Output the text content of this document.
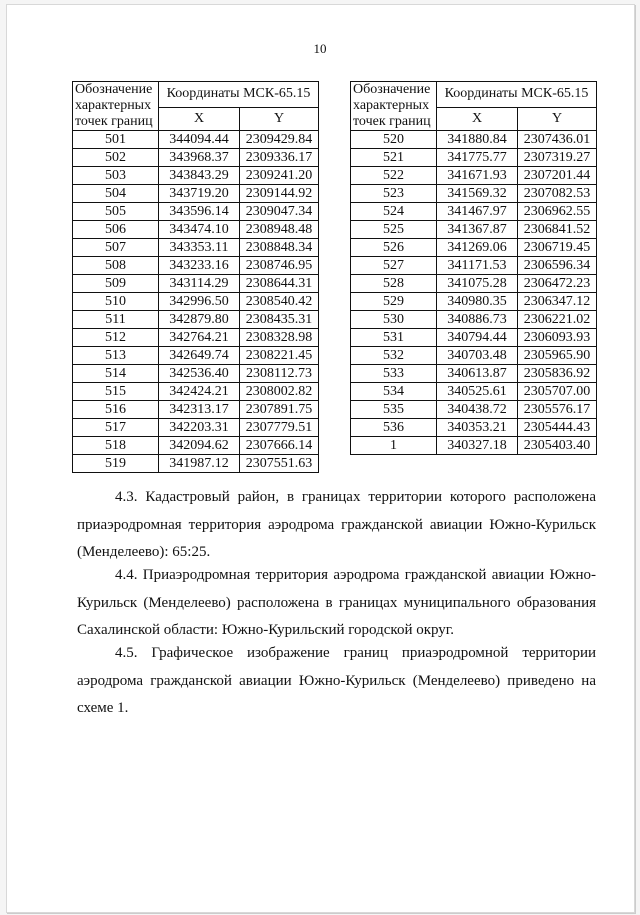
10
Обозначение характерных точек границ	Координаты МСК-65.15	
	X	Y
501	344094.44	2309429.84
502	343968.37	2309336.17
503	343843.29	2309241.20
504	343719.20	2309144.92
505	343596.14	2309047.34
506	343474.10	2308948.48
507	343353.11	2308848.34
508	343233.16	2308746.95
509	343114.29	2308644.31
510	342996.50	2308540.42
511	342879.80	2308435.31
512	342764.21	2308328.98
513	342649.74	2308221.45
514	342536.40	2308112.73
515	342424.21	2308002.82
516	342313.17	2307891.75
517	342203.31	2307779.51
518	342094.62	2307666.14
519	341987.12	2307551.63
Обозначение характерных точек границ	Координаты МСК-65.15	
	X	Y
520	341880.84	2307436.01
521	341775.77	2307319.27
522	341671.93	2307201.44
523	341569.32	2307082.53
524	341467.97	2306962.55
525	341367.87	2306841.52
526	341269.06	2306719.45
527	341171.53	2306596.34
528	341075.28	2306472.23
529	340980.35	2306347.12
530	340886.73	2306221.02
531	340794.44	2306093.93
532	340703.48	2305965.90
533	340613.87	2305836.92
534	340525.61	2305707.00
535	340438.72	2305576.17
536	340353.21	2305444.43
1	340327.18	2305403.40

4.3. Кадастровый район, в границах территории которого расположена приаэродромная территория аэродрома гражданской авиации Южно-Курильск (Менделеево): 65:25.

4.4. Приаэродромная территория аэродрома гражданской авиации Южно-Курильск (Менделеево) расположена в границах муниципального образования Сахалинской области: Южно-Курильский городской округ.

4.5. Графическое изображение границ приаэродромной территории аэродрома гражданской авиации Южно-Курильск (Менделеево) приведено на схеме 1.
